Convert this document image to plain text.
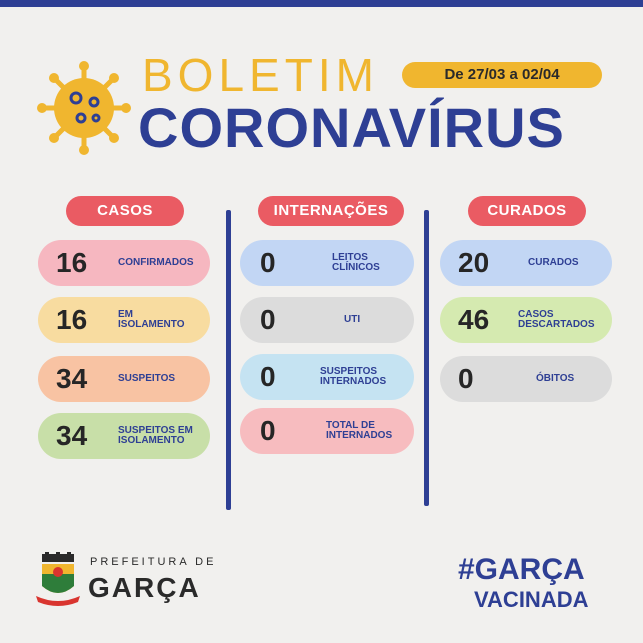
BOLETIM
CORONAVÍRUS
De 27/03 a 02/04
CASOS	INTERNAÇÕES	CURADOS
16	CONFIRMADOS
16	EM ISOLAMENTO
34	SUSPEITOS
34	SUSPEITOS EM ISOLAMENTO
0	LEITOS CLÍNICOS
0	UTI
0	SUSPEITOS INTERNADOS
0	TOTAL DE INTERNADOS
20	CURADOS
46	CASOS DESCARTADOS
0	ÓBITOS
PREFEITURA DE
GARÇA
#GARÇA
VACINADA
